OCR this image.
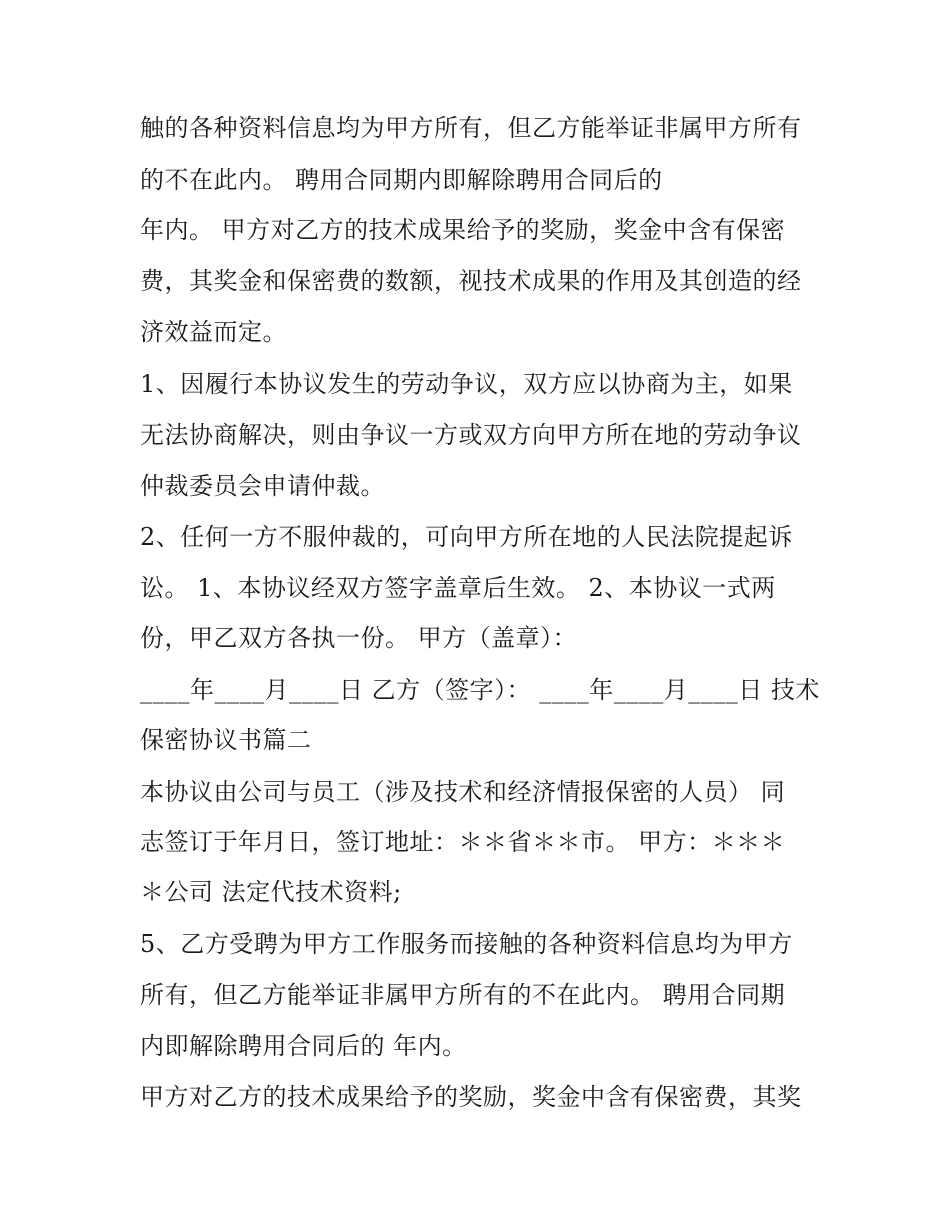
触的各种资料信息均为甲方所有，但乙方能举证非属甲方所有
的不在此内。 聘用合同期内即解除聘用合同后的
年内。 甲方对乙方的技术成果给予的奖励，奖金中含有保密
费，其奖金和保密费的数额，视技术成果的作用及其创造的经
济效益而定。
1、因履行本协议发生的劳动争议，双方应以协商为主，如果
无法协商解决，则由争议一方或双方向甲方所在地的劳动争议
仲裁委员会申请仲裁。
2、任何一方不服仲裁的，可向甲方所在地的人民法院提起诉
讼。 1、本协议经双方签字盖章后生效。 2、本协议一式两
份，甲乙双方各执一份。 甲方（盖章）：
____年____月____日 乙方（签字）： ____年____月____日 技术
保密协议书篇二
本协议由公司与员工（涉及技术和经济情报保密的人员） 同
志签订于年月日，签订地址：＊＊省＊＊市。 甲方：＊＊＊
＊公司 法定代技术资料;
5、乙方受聘为甲方工作服务而接触的各种资料信息均为甲方
所有，但乙方能举证非属甲方所有的不在此内。 聘用合同期
内即解除聘用合同后的 年内。
甲方对乙方的技术成果给予的奖励，奖金中含有保密费，其奖
